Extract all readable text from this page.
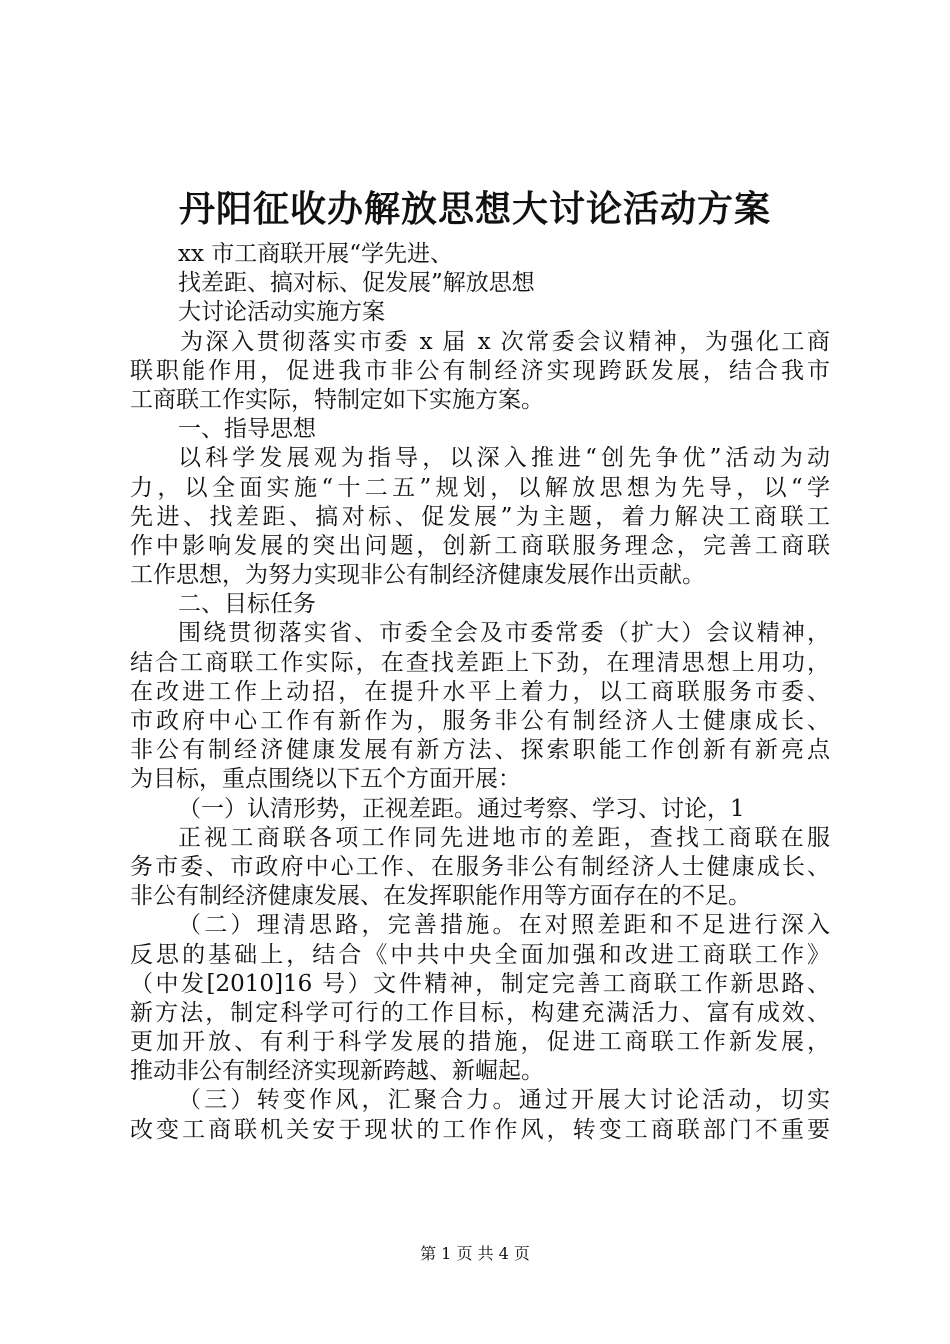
丹阳征收办解放思想大讨论活动方案
xx 市工商联开展“学先进、
找差距、搞对标、促发展”解放思想
大讨论活动实施方案
为深入贯彻落实市委 x 届 x 次常委会议精神，为强化工商
联职能作用，促进我市非公有制经济实现跨跃发展，结合我市
工商联工作实际，特制定如下实施方案。
一、指导思想
以科学发展观为指导，以深入推进“创先争优”活动为动
力，以全面实施“十二五”规划，以解放思想为先导，以“学
先进、找差距、搞对标、促发展”为主题，着力解决工商联工
作中影响发展的突出问题，创新工商联服务理念，完善工商联
工作思想，为努力实现非公有制经济健康发展作出贡献。
二、目标任务
围绕贯彻落实省、市委全会及市委常委（扩大）会议精神，
结合工商联工作实际，在查找差距上下劲，在理清思想上用功，
在改进工作上动招，在提升水平上着力，以工商联服务市委、
市政府中心工作有新作为，服务非公有制经济人士健康成长、
非公有制经济健康发展有新方法、探索职能工作创新有新亮点
为目标，重点围绕以下五个方面开展：
（一）认清形势，正视差距。通过考察、学习、讨论，1
正视工商联各项工作同先进地市的差距，查找工商联在服
务市委、市政府中心工作、在服务非公有制经济人士健康成长、
非公有制经济健康发展、在发挥职能作用等方面存在的不足。
（二）理清思路，完善措施。在对照差距和不足进行深入
反思的基础上，结合《中共中央全面加强和改进工商联工作》
（中发[2010]16 号）文件精神，制定完善工商联工作新思路、
新方法，制定科学可行的工作目标，构建充满活力、富有成效、
更加开放、有利于科学发展的措施，促进工商联工作新发展，
推动非公有制经济实现新跨越、新崛起。
（三）转变作风，汇聚合力。通过开展大讨论活动，切实
改变工商联机关安于现状的工作作风，转变工商联部门不重要
第 1 页 共 4 页
